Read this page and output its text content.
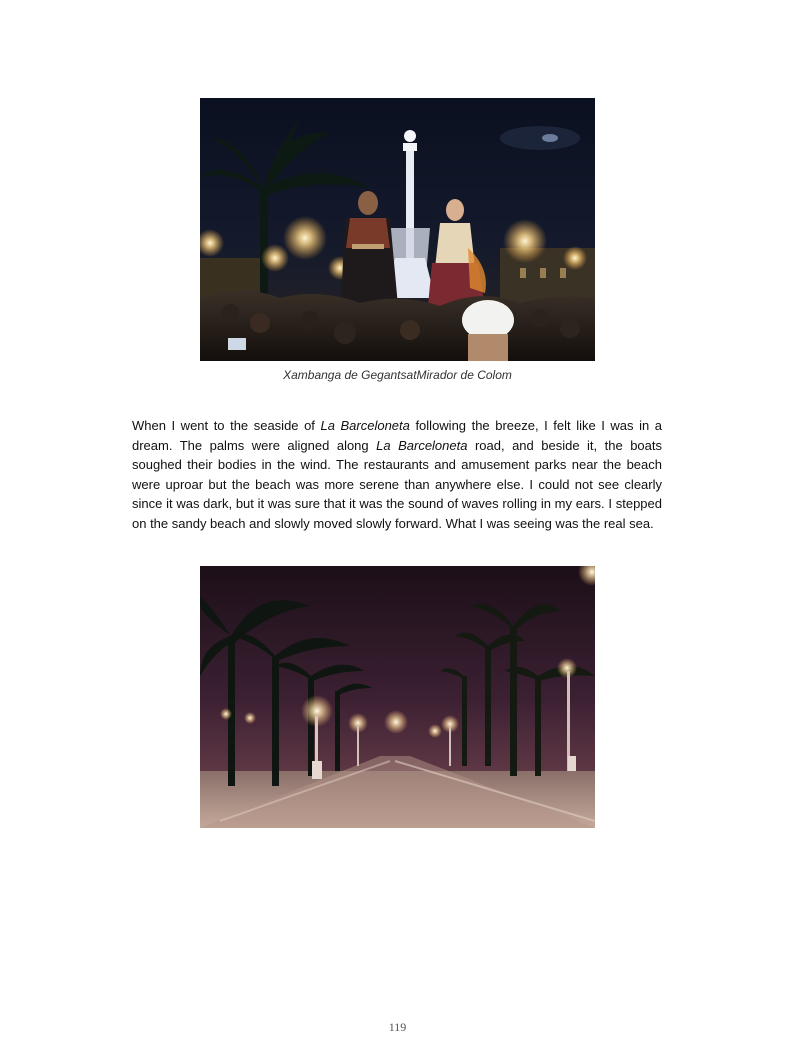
Xambanga de GegantsatMirador de Colom

When I went to the seaside of La Barceloneta following the breeze, I felt like I was in a dream. The palms were aligned along La Barceloneta road, and beside it, the boats soughed their bodies in the wind. The restaurants and amusement parks near the beach were uproar but the beach was more serene than anywhere else. I could not see clearly since it was dark, but it was sure that it was the sound of waves rolling in my ears. I stepped on the sandy beach and slowly moved slowly forward. What I was seeing was the real sea.

119
